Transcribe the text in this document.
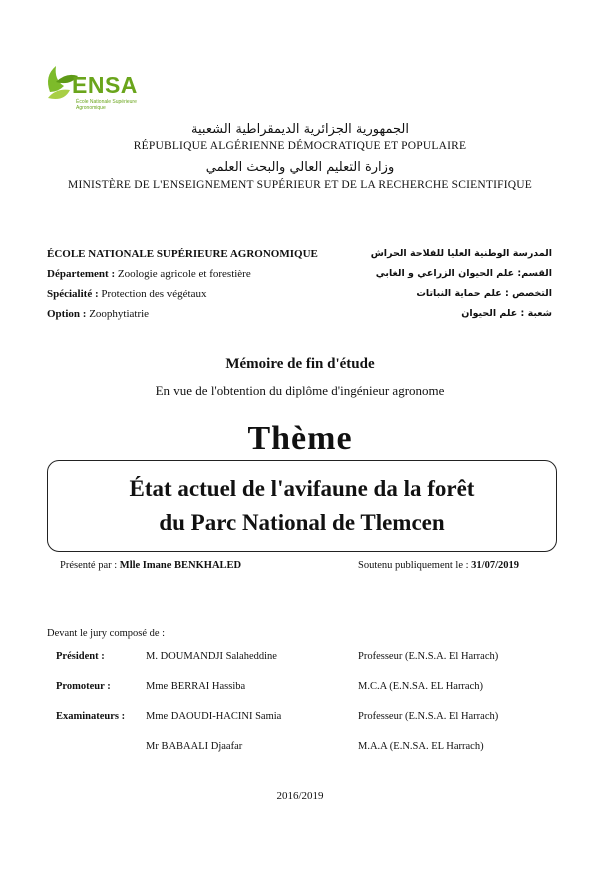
ENSA
École Nationale Supérieure Agronomique
الجمهورية الجزائرية الديمقراطية الشعبية
RÉPUBLIQUE ALGÉRIENNE DÉMOCRATIQUE ET POPULAIRE
وزارة التعليم العالي والبحث العلمي
MINISTÈRE DE L'ENSEIGNEMENT SUPÉRIEUR ET DE LA RECHERCHE SCIENTIFIQUE
ÉCOLE NATIONALE SUPÉRIEURE AGRONOMIQUE
Département : Zoologie agricole et forestière
Spécialité : Protection des végétaux
Option : Zoophytiatrie
المدرسة الوطنية العليا للفلاحة الحراش
القسم: علم الحيوان الزراعي و الغابي
التخصص : علم حماية النباتات
شعبة : علم الحيوان
Mémoire de fin d'étude
En vue de l'obtention du diplôme d'ingénieur agronome
Thème
État actuel de l'avifaune da la forêt
du Parc National de Tlemcen
Présenté par : Mlle Imane BENKHALED	Soutenu publiquement le : 31/07/2019
Devant le jury composé de :
Président :	M. DOUMANDJI Salaheddine	Professeur (E.N.S.A. El Harrach)
Promoteur :	Mme BERRAI Hassiba	M.C.A (E.N.SA. EL Harrach)
Examinateurs : Mme DAOUDI-HACINI Samia	Professeur (E.N.S.A. El Harrach)
Mr BABAALI Djaafar	M.A.A (E.N.SA. EL Harrach)
2016/2019
